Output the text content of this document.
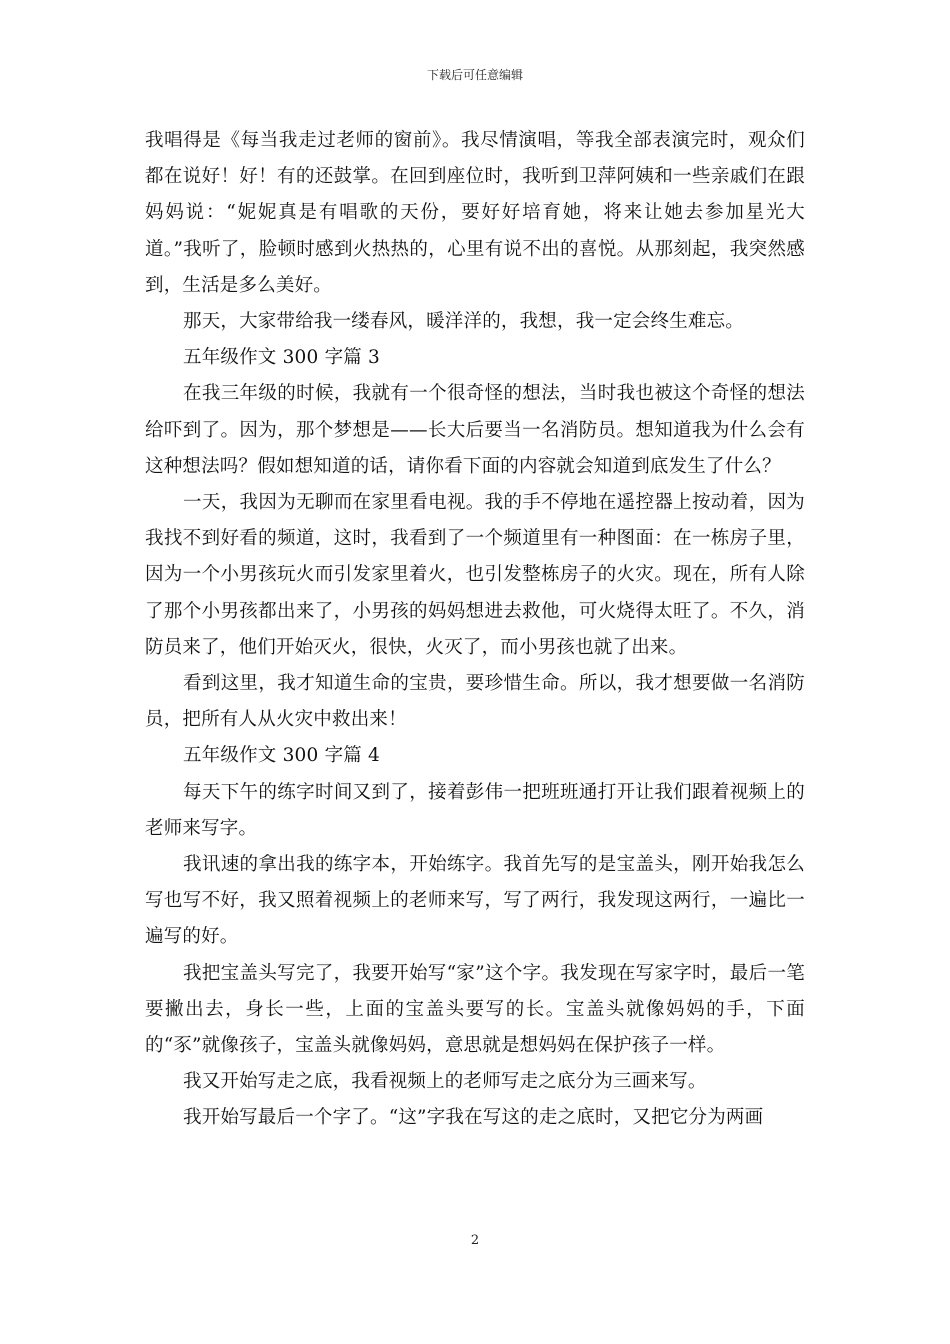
下载后可任意编辑

我唱得是《每当我走过老师的窗前》。我尽情演唱，等我全部表演完时，观众们都在说好！好！有的还鼓掌。在回到座位时，我听到卫萍阿姨和一些亲戚们在跟妈妈说：“妮妮真是有唱歌的天份，要好好培育她，将来让她去参加星光大道。”我听了，脸顿时感到火热热的，心里有说不出的喜悦。从那刻起，我突然感到，生活是多么美好。

那天，大家带给我一缕春风，暖洋洋的，我想，我一定会终生难忘。

五年级作文 300 字篇 3

在我三年级的时候，我就有一个很奇怪的想法，当时我也被这个奇怪的想法给吓到了。因为，那个梦想是——长大后要当一名消防员。想知道我为什么会有这种想法吗？假如想知道的话，请你看下面的内容就会知道到底发生了什么？

一天，我因为无聊而在家里看电视。我的手不停地在遥控器上按动着，因为我找不到好看的频道，这时，我看到了一个频道里有一种图面：在一栋房子里，因为一个小男孩玩火而引发家里着火，也引发整栋房子的火灾。现在，所有人除了那个小男孩都出来了，小男孩的妈妈想进去救他，可火烧得太旺了。不久，消防员来了，他们开始灭火，很快，火灭了，而小男孩也就了出来。

看到这里，我才知道生命的宝贵，要珍惜生命。所以，我才想要做一名消防员，把所有人从火灾中救出来！

五年级作文 300 字篇 4

每天下午的练字时间又到了，接着彭伟一把班班通打开让我们跟着视频上的老师来写字。

我讯速的拿出我的练字本，开始练字。我首先写的是宝盖头，刚开始我怎么写也写不好，我又照着视频上的老师来写，写了两行，我发现这两行，一遍比一遍写的好。

我把宝盖头写完了，我要开始写“家”这个字。我发现在写家字时，最后一笔要撇出去，身长一些，上面的宝盖头要写的长。宝盖头就像妈妈的手，下面的“豕”就像孩子，宝盖头就像妈妈，意思就是想妈妈在保护孩子一样。

我又开始写走之底，我看视频上的老师写走之底分为三画来写。

我开始写最后一个字了。“这”字我在写这的走之底时，又把它分为两画

2
